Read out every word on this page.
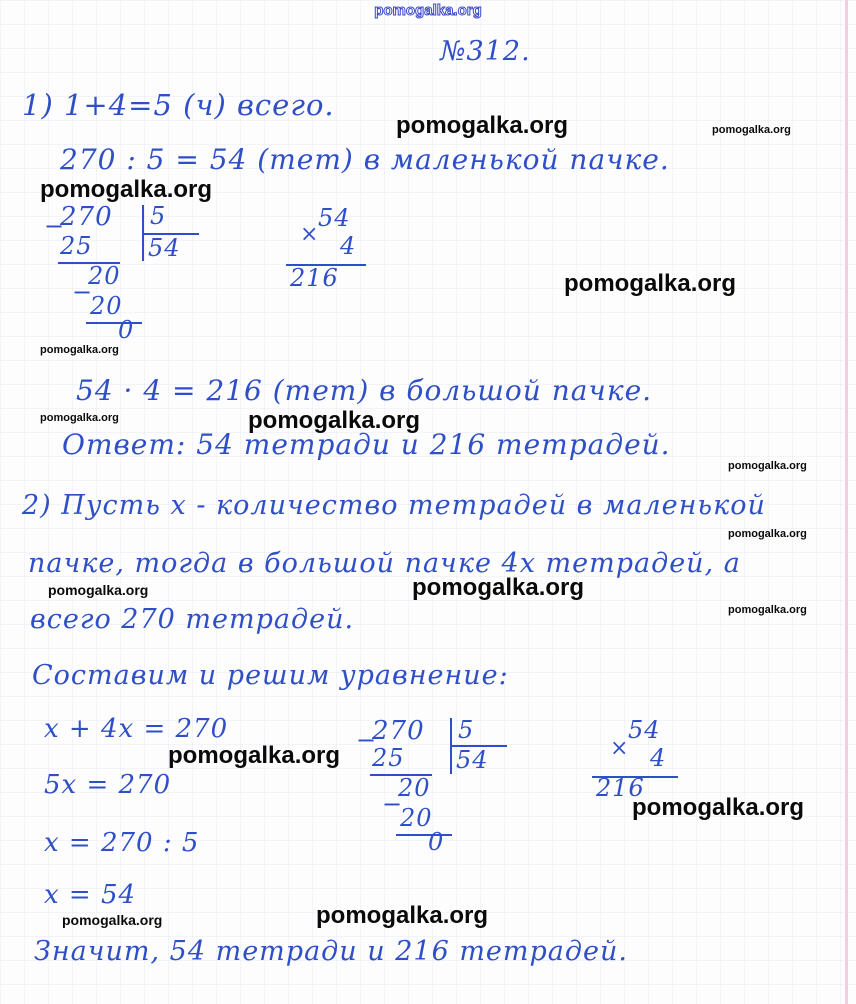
pomogalka.org

№312.

1) 1+4=5 (ч) всего.

270 : 5 = 54 (тет) в маленькой пачке.

−

270 5

54

25

20

−

20

0

×

54

4

216

54 · 4 = 216 (тет) в большой пачке.

Ответ: 54 тетради и 216 тетрадей.

2) Пусть x - количество тетрадей в маленькой

пачке, тогда в большой пачке 4x тетрадей, а

всего 270 тетрадей.

Составим и решим уравнение:

x + 4x = 270

5x = 270

x = 270 : 5

x = 54

−

270 5

54

25

20

−

20

0

×

54

4

216

Значит, 54 тетради и 216 тетрадей.

pomogalka.org	pomogalka.org

pomogalka.org

pomogalka.org

pomogalka.org

pomogalka.org	pomogalka.org

pomogalka.org

pomogalka.org

pomogalka.org

pomogalka.org

pomogalka.org

pomogalka.org

pomogalka.org

pomogalka.org

pomogalka.org
